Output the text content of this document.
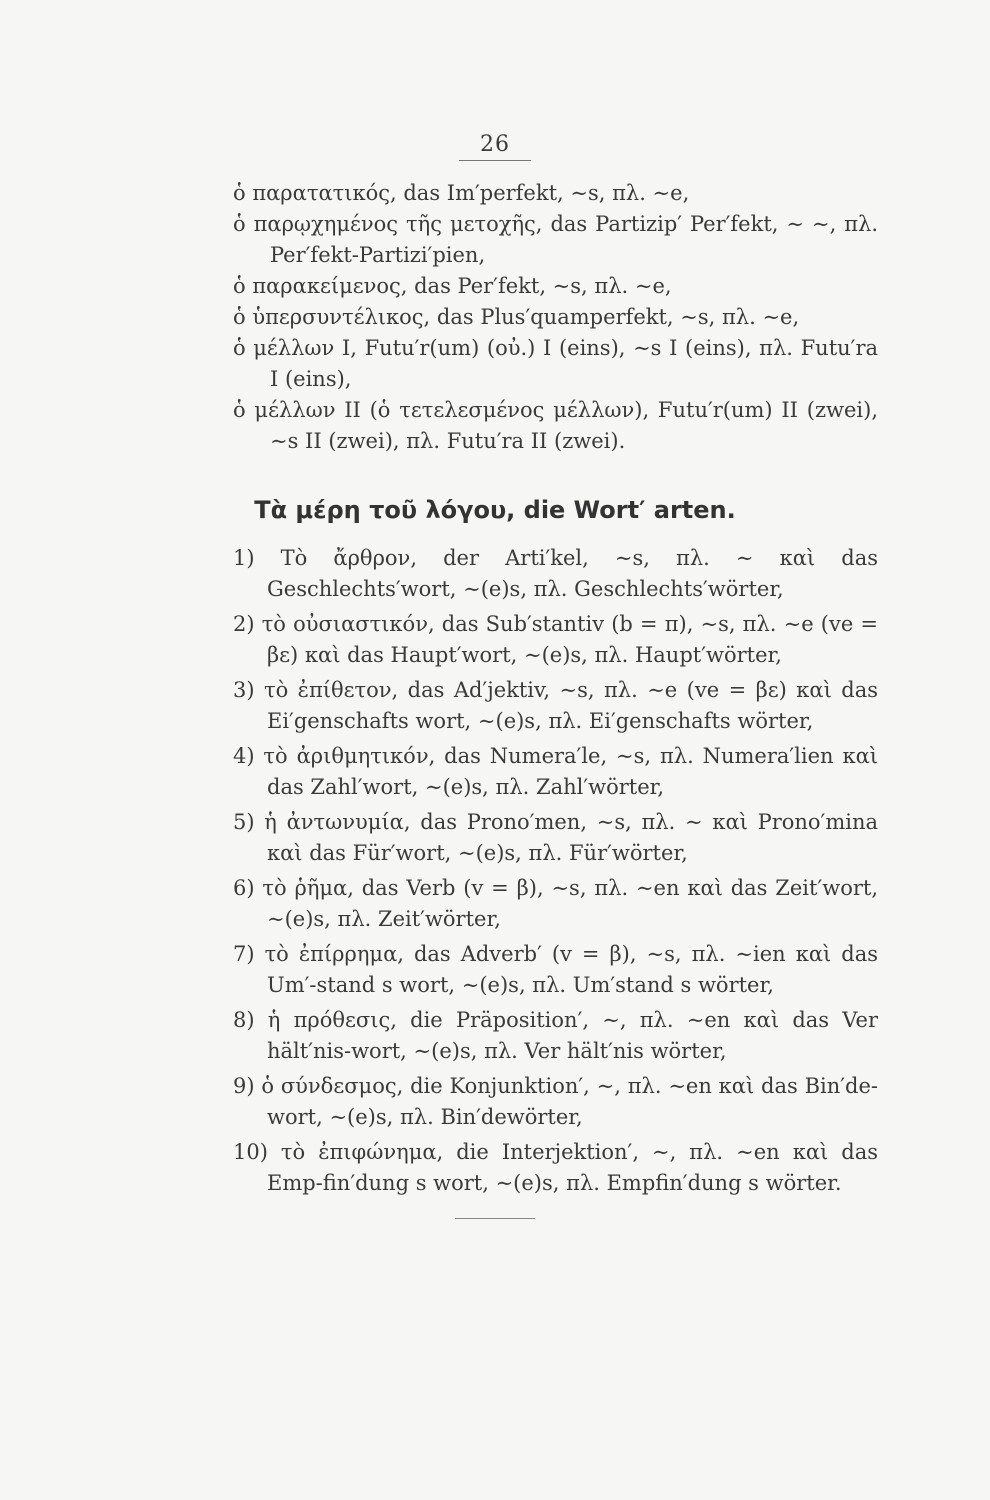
26

ὁ παρατατικός, das Im′perfekt, ∼s, πλ. ∼e,

ὁ παρῳχημένος τῆς μετοχῆς, das Partizip′ Per′fekt, ∼ ∼, πλ. Per′fekt-Partizi′pien,

ὁ παρακείμενος, das Per′fekt, ∼s, πλ. ∼e,

ὁ ὑπερσυντέλικος, das Plus′quamperfekt, ∼s, πλ. ∼e,

ὁ μέλλων I, Futu′r(um) (οὐ.) I (eins), ∼s I (eins), πλ. Futu′ra I (eins),

ὁ μέλλων II (ὁ τετελεσμένος μέλλων), Futu′r(um) II (zwei), ∼s II (zwei), πλ. Futu′ra II (zwei).

Τὰ μέρη τοῦ λόγου, die Wort′ arten.

1) Τὸ ἄρθρον, der Arti′kel, ∼s, πλ. ∼ καὶ das Geschlechts′wort, ∼(e)s, πλ. Geschlechts′wörter,

2) τὸ οὐσιαστικόν, das Sub′stantiv (b = π), ∼s, πλ. ∼e (ve = βε) καὶ das Haupt′wort, ∼(e)s, πλ. Haupt′wörter,

3) τὸ ἐπίθετον, das Ad′jektiv, ∼s, πλ. ∼e (ve = βε) καὶ das Ei′genschafts wort, ∼(e)s, πλ. Ei′genschafts wörter,

4) τὸ ἀριθμητικόν, das Numera′le, ∼s, πλ. Numera′lien καὶ das Zahl′wort, ∼(e)s, πλ. Zahl′wörter,

5) ἡ ἀντωνυμία, das Prono′men, ∼s, πλ. ∼ καὶ Prono′mina καὶ das Für′wort, ∼(e)s, πλ. Für′wörter,

6) τὸ ῥῆμα, das Verb (v = β), ∼s, πλ. ∼en καὶ das Zeit′wort, ∼(e)s, πλ. Zeit′wörter,

7) τὸ ἐπίρρημα, das Adverb′ (v = β), ∼s, πλ. ∼ien καὶ das Um′-stand s wort, ∼(e)s, πλ. Um′stand s wörter,

8) ἡ πρόθεσις, die Präposition′, ∼, πλ. ∼en καὶ das Ver hält′nis-wort, ∼(e)s, πλ. Ver hält′nis wörter,

9) ὁ σύνδεσμος, die Konjunktion′, ∼, πλ. ∼en καὶ das Bin′de-wort, ∼(e)s, πλ. Bin′dewörter,

10) τὸ ἐπιφώνημα, die Interjektion′, ∼, πλ. ∼en καὶ das Emp-fin′dung s wort, ∼(e)s, πλ. Empfin′dung s wörter.
